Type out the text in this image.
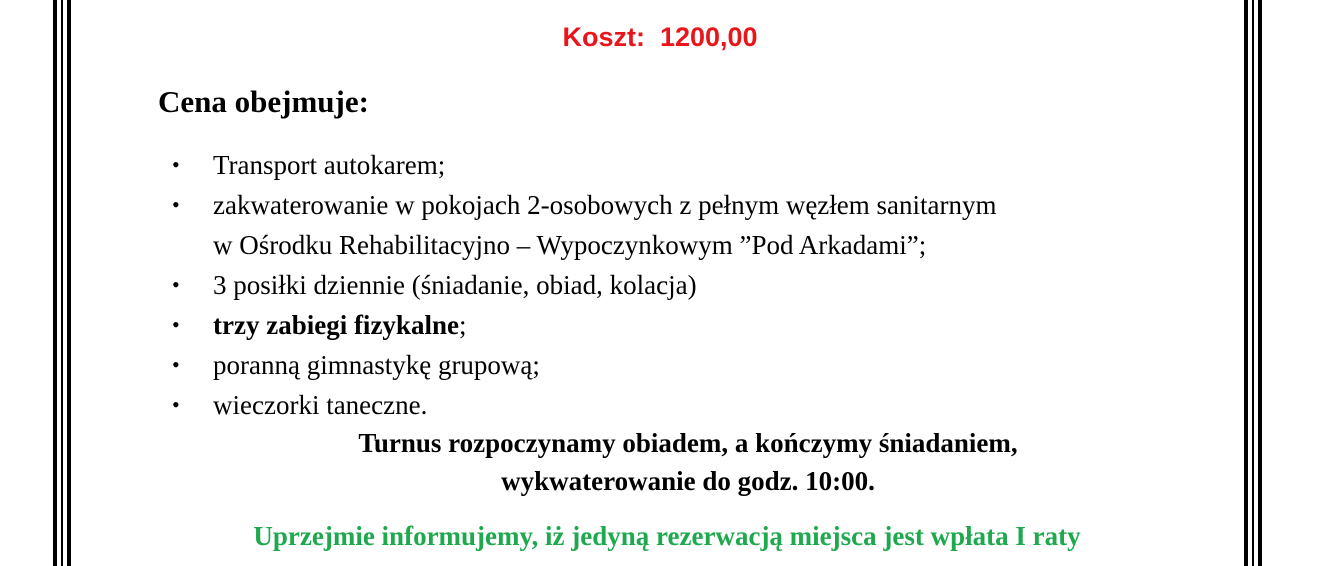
Koszt:  1200,00
Cena obejmuje:
• Transport autokarem;
• zakwaterowanie w pokojach 2-osobowych z pełnym węzłem sanitarnym
w Ośrodku Rehabilitacyjno – Wypoczynkowym ”Pod Arkadami”;
• 3 posiłki dziennie (śniadanie, obiad, kolacja)
• trzy zabiegi fizykalne;
• poranną gimnastykę grupową;
• wieczorki taneczne.
Turnus rozpoczynamy obiadem, a kończymy śniadaniem,
wykwaterowanie do godz. 10:00.
Uprzejmie informujemy, iż jedyną rezerwacją miejsca jest wpłata I raty
